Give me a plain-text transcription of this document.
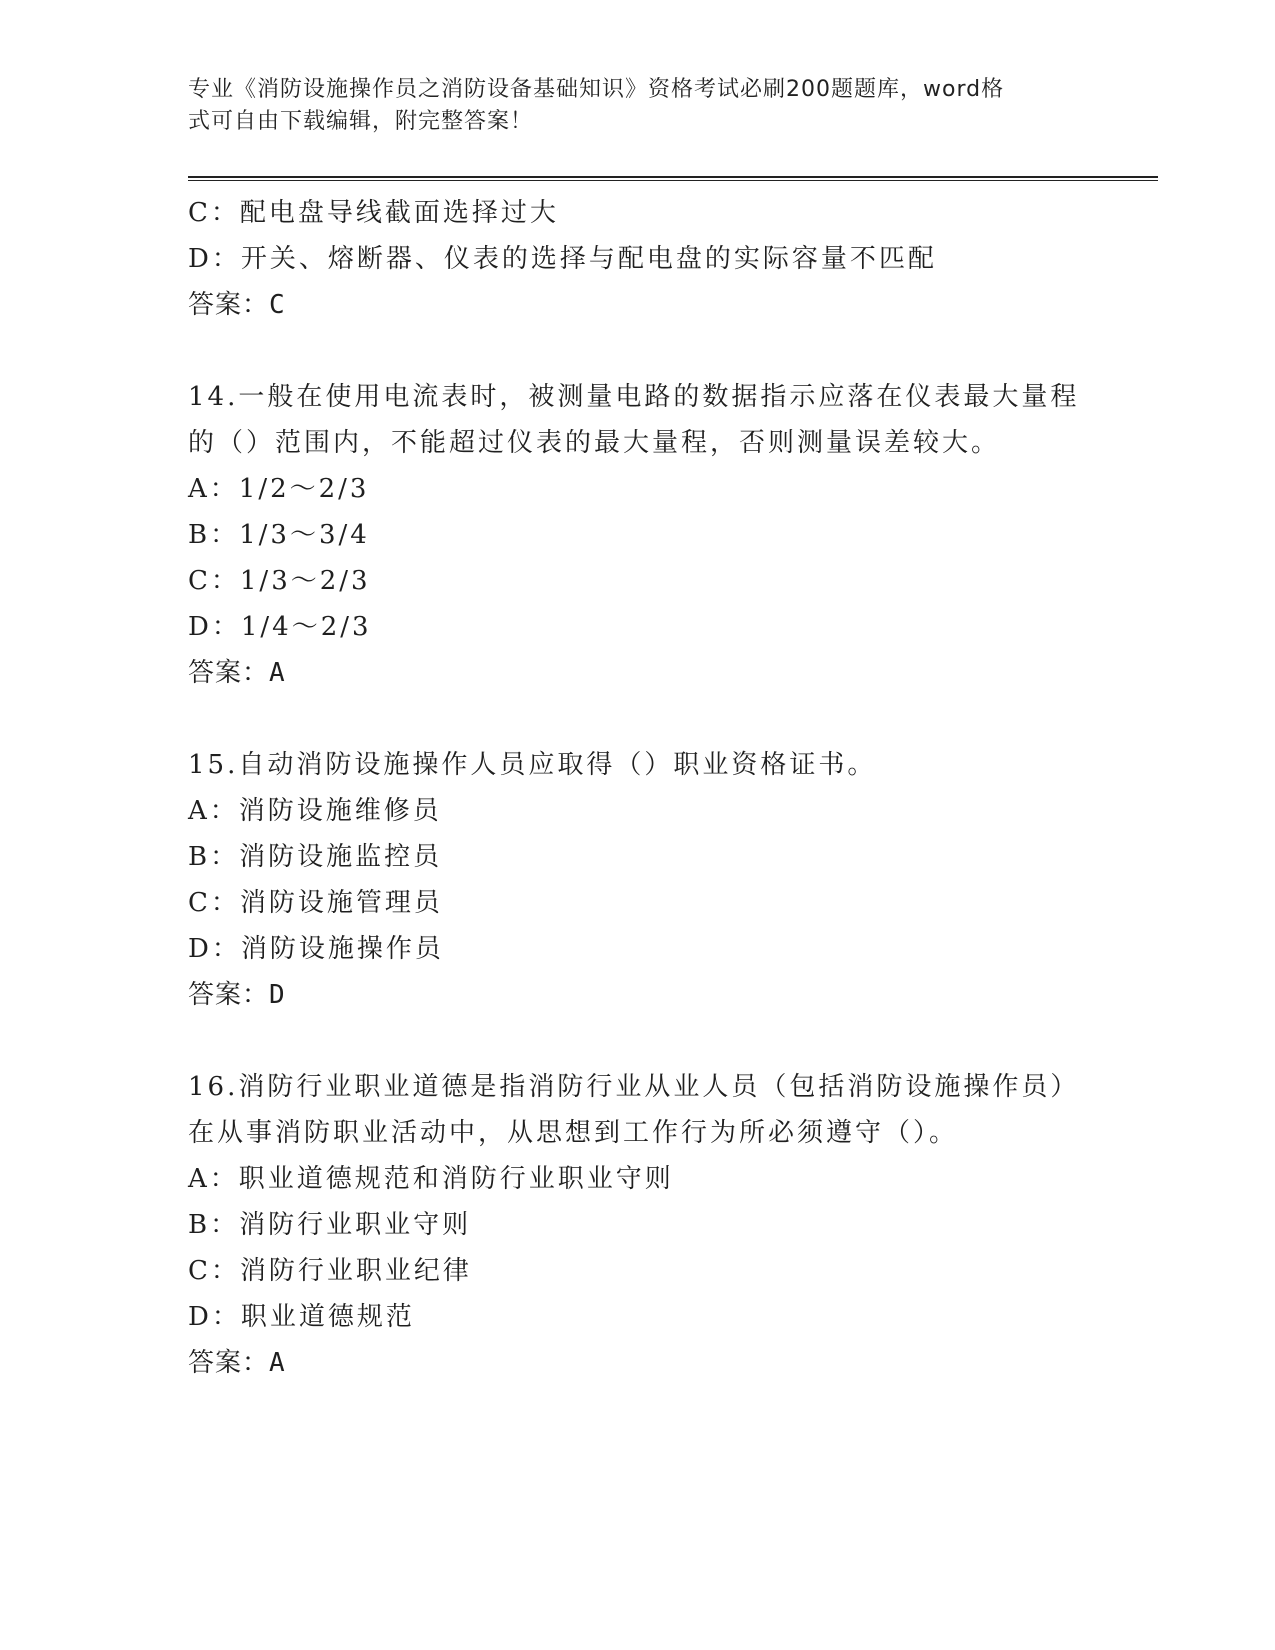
专业《消防设施操作员之消防设备基础知识》资格考试必刷200题题库，word格
式可自由下载编辑，附完整答案！
C：配电盘导线截面选择过大
D：开关、熔断器、仪表的选择与配电盘的实际容量不匹配
答案：C
14.一般在使用电流表时，被测量电路的数据指示应落在仪表最大量程
的（）范围内，不能超过仪表的最大量程，否则测量误差较大。
A：1/2～2/3
B：1/3～3/4
C：1/3～2/3
D：1/4～2/3
答案：A
15.自动消防设施操作人员应取得（）职业资格证书。
A：消防设施维修员
B：消防设施监控员
C：消防设施管理员
D：消防设施操作员
答案：D
16.消防行业职业道德是指消防行业从业人员（包括消防设施操作员）
在从事消防职业活动中，从思想到工作行为所必须遵守（）。
A：职业道德规范和消防行业职业守则
B：消防行业职业守则
C：消防行业职业纪律
D：职业道德规范
答案：A
